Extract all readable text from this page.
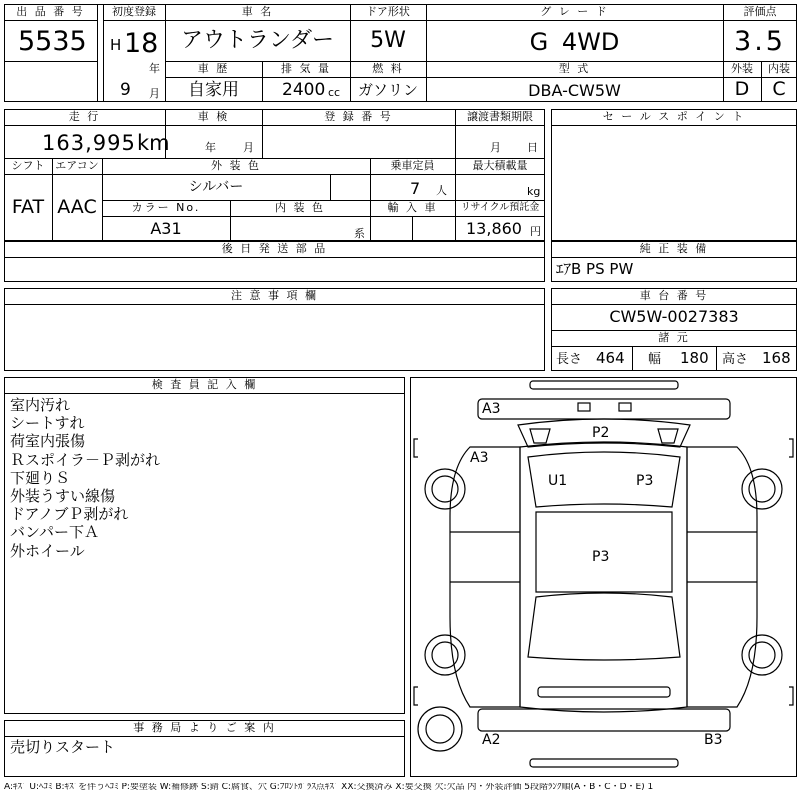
出 品 番 号
5535
初度登録
H 18
年
9 月
車 名
アウトランダー
ドア形状
5W
グ レ ー ド
G 4WD
評価点
3.5
車 歴
自家用
排 気 量
2400 cc
燃 料
ガソリン
型 式
DBA-CW5W
外装	内装
D	C
走 行
163,995 km
車 検
年 月
登 録 番 号	譲渡書類期限
月 日
シフト
FAT
エアコン
AAC
外 装 色
シルバー
乗車定員
7 人
最大積載量
kg
カラー No.
A31
内 装 色
系
輸 入 車	リサイクル預託金
13,860 円
後 日 発 送 部 品
セ ー ル ス ポ イ ン ト
純 正 装 備
ｴｱB PS PW
注 意 事 項 欄	車 台 番 号
CW5W-0027383
諸 元
長さ 464 幅 180 高さ 168
検 査 員 記 入 欄
室内汚れ
シートすれ
荷室内張傷
Ｒスポイラ－Ｐ剥がれ
下廻りＳ
外装うすい線傷
ドアノブＰ剥がれ
バンパー下Ａ
外ホイール
事 務 局 よ り ご 案 内
売切りスタート
A3
P2
A3
U1	P3
P3
A2	B3
A:ｷｽﾞ U:ﾍｺﾐ B:ｷｽﾞを伴うﾍｺﾐ P:要塗装 W:補修跡 S:錆 C:腐食、穴 G:ﾌﾛﾝﾄｶﾞﾗｽ点ｷｽﾞ XX:交換済み X:要交換 欠:欠品 内・外装評価 5段階ﾗﾝｸ順(A・B・C・D・E) 1
